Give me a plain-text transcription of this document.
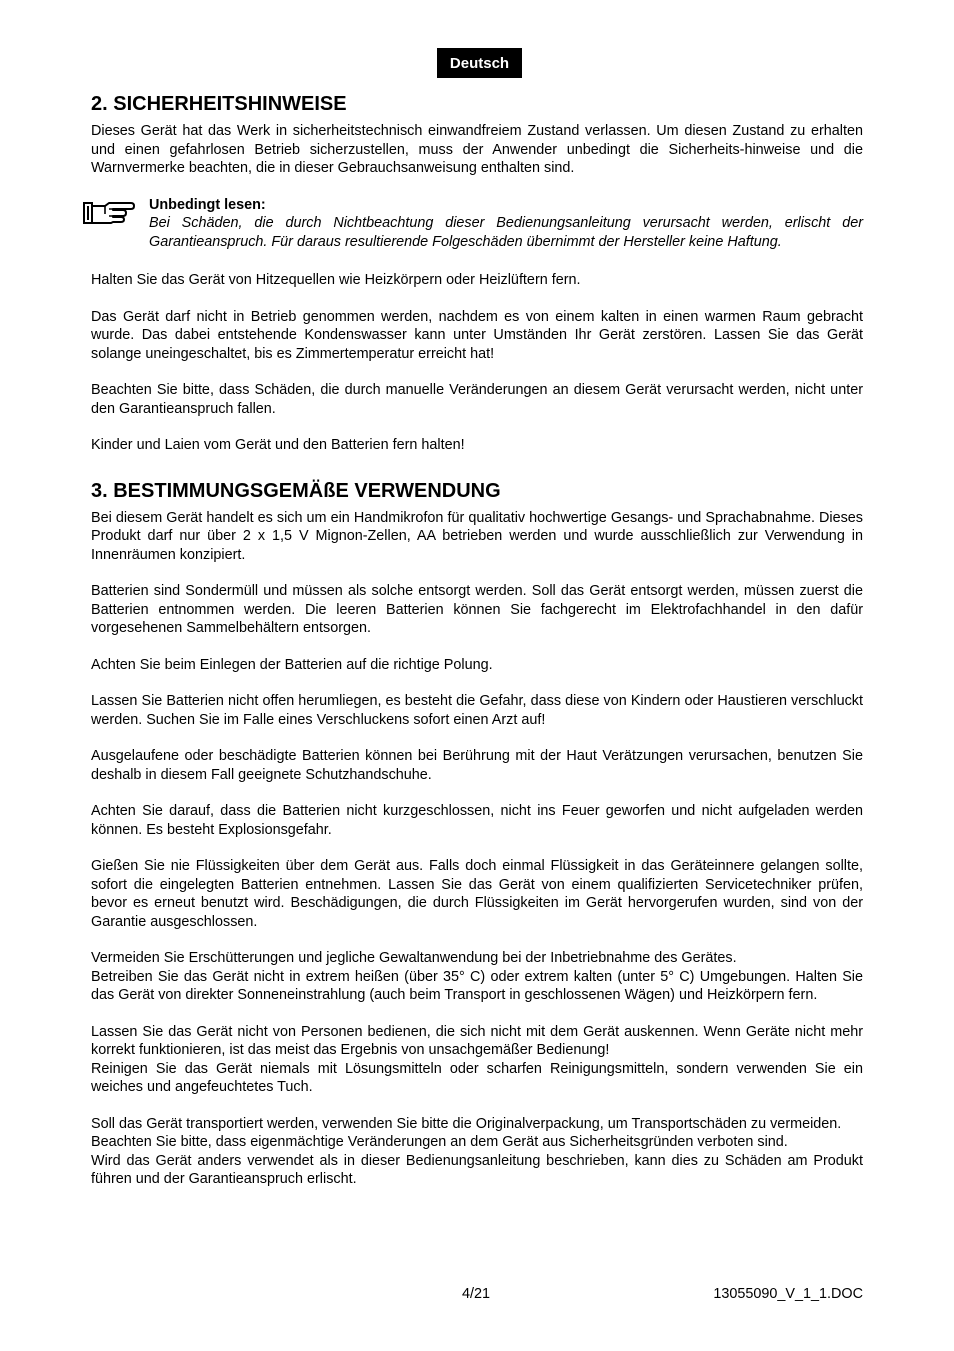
Deutsch
2. SICHERHEITSHINWEISE

Dieses Gerät hat das Werk in sicherheitstechnisch einwandfreiem Zustand verlassen. Um diesen Zustand zu erhalten und einen gefahrlosen Betrieb sicherzustellen, muss der Anwender unbedingt die Sicherheits-hinweise und die Warnvermerke beachten, die in dieser Gebrauchsanweisung enthalten sind.

Unbedingt lesen:
Bei Schäden, die durch Nichtbeachtung dieser Bedienungsanleitung verursacht werden, erlischt der Garantieanspruch. Für daraus resultierende Folgeschäden übernimmt der Hersteller keine Haftung.

Halten Sie das Gerät von Hitzequellen wie Heizkörpern oder Heizlüftern fern.

Das Gerät darf nicht in Betrieb genommen werden, nachdem es von einem kalten in einen warmen Raum gebracht wurde. Das dabei entstehende Kondenswasser kann unter Umständen Ihr Gerät zerstören. Lassen Sie das Gerät solange uneingeschaltet, bis es Zimmertemperatur erreicht hat!

Beachten Sie bitte, dass Schäden, die durch manuelle Veränderungen an diesem Gerät verursacht werden, nicht unter den Garantieanspruch fallen.

Kinder und Laien vom Gerät und den Batterien fern halten!

3. BESTIMMUNGSGEMÄßE VERWENDUNG

Bei diesem Gerät handelt es sich um ein Handmikrofon für qualitativ hochwertige Gesangs- und Sprachabnahme. Dieses Produkt darf nur über 2 x 1,5 V Mignon-Zellen, AA betrieben werden und wurde ausschließlich zur Verwendung in Innenräumen konzipiert.

Batterien sind Sondermüll und müssen als solche entsorgt werden. Soll das Gerät entsorgt werden, müssen zuerst die Batterien entnommen werden. Die leeren Batterien können Sie fachgerecht im Elektrofachhandel in den dafür vorgesehenen Sammelbehältern entsorgen.

Achten Sie beim Einlegen der Batterien auf die richtige Polung.

Lassen Sie Batterien nicht offen herumliegen, es besteht die Gefahr, dass diese von Kindern oder Haustieren verschluckt werden. Suchen Sie im Falle eines Verschluckens sofort einen Arzt auf!

Ausgelaufene oder beschädigte Batterien können bei Berührung mit der Haut Verätzungen verursachen, benutzen Sie deshalb in diesem Fall geeignete Schutzhandschuhe.

Achten Sie darauf, dass die Batterien nicht kurzgeschlossen, nicht ins Feuer geworfen und nicht aufgeladen werden können. Es besteht Explosionsgefahr.

Gießen Sie nie Flüssigkeiten über dem Gerät aus. Falls doch einmal Flüssigkeit in das Geräteinnere gelangen sollte, sofort die eingelegten Batterien entnehmen. Lassen Sie das Gerät von einem qualifizierten Servicetechniker prüfen, bevor es erneut benutzt wird. Beschädigungen, die durch Flüssigkeiten im Gerät hervorgerufen wurden, sind von der Garantie ausgeschlossen.

Vermeiden Sie Erschütterungen und jegliche Gewaltanwendung bei der Inbetriebnahme des Gerätes.

Betreiben Sie das Gerät nicht in extrem heißen (über 35° C) oder extrem kalten (unter 5° C) Umgebungen. Halten Sie das Gerät von direkter Sonneneinstrahlung (auch beim Transport in geschlossenen Wägen) und Heizkörpern fern.

Lassen Sie das Gerät nicht von Personen bedienen, die sich nicht mit dem Gerät auskennen. Wenn Geräte nicht mehr korrekt funktionieren, ist das meist das Ergebnis von unsachgemäßer Bedienung!

Reinigen Sie das Gerät niemals mit Lösungsmitteln oder scharfen Reinigungsmitteln, sondern verwenden Sie ein weiches und angefeuchtetes Tuch.

Soll das Gerät transportiert werden, verwenden Sie bitte die Originalverpackung, um Transportschäden zu vermeiden.

Beachten Sie bitte, dass eigenmächtige Veränderungen an dem Gerät aus Sicherheitsgründen verboten sind.

Wird das Gerät anders verwendet als in dieser Bedienungsanleitung beschrieben, kann dies zu Schäden am Produkt führen und der Garantieanspruch erlischt.

4/21	13055090_V_1_1.DOC
